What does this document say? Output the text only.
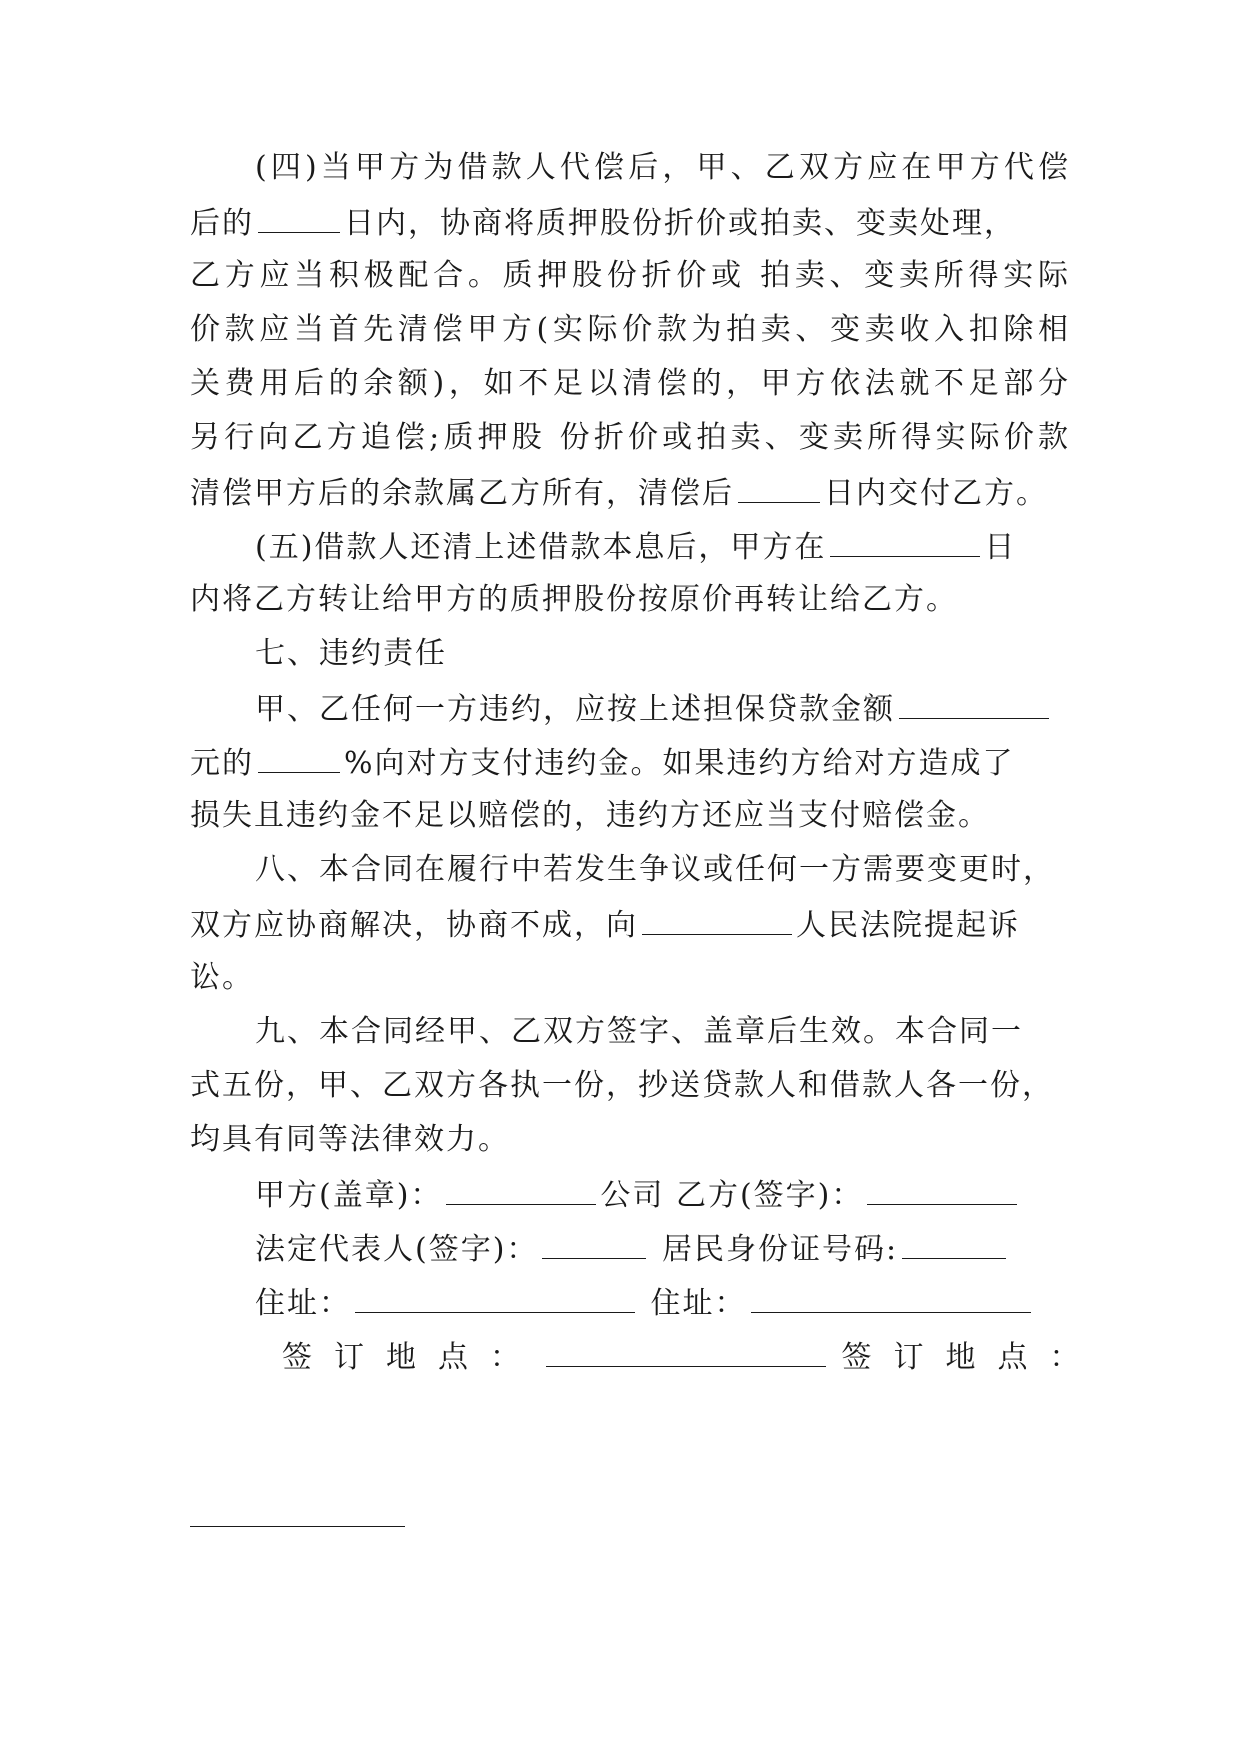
(四)当甲方为借款人代偿后，甲、乙双方应在甲方代偿
后的	日内，协商将质押股份折价或拍卖、变卖处理，
乙方应当积极配合。质押股份折价或 拍卖、变卖所得实际
价款应当首先清偿甲方(实际价款为拍卖、变卖收入扣除相
关费用后的余额)，如不足以清偿的，甲方依法就不足部分
另行向乙方追偿;质押股 份折价或拍卖、变卖所得实际价款
清偿甲方后的余款属乙方所有，清偿后	日内交付乙方。
(五)借款人还清上述借款本息后，甲方在	日
内将乙方转让给甲方的质押股份按原价再转让给乙方。
七、违约责任
甲、乙任何一方违约，应按上述担保贷款金额
元的	%向对方支付违约金。如果违约方给对方造成了
损失且违约金不足以赔偿的，违约方还应当支付赔偿金。
八、本合同在履行中若发生争议或任何一方需要变更时，
双方应协商解决，协商不成，向	人民法院提起诉
讼。
九、本合同经甲、乙双方签字、盖章后生效。本合同一
式五份，甲、乙双方各执一份，抄送贷款人和借款人各一份，
均具有同等法律效力。
甲方(盖章)：	公司 乙方(签字)：
法定代表人(签字)：	居民身份证号码:
住址：	住址：
签订地点：	签订地点：
